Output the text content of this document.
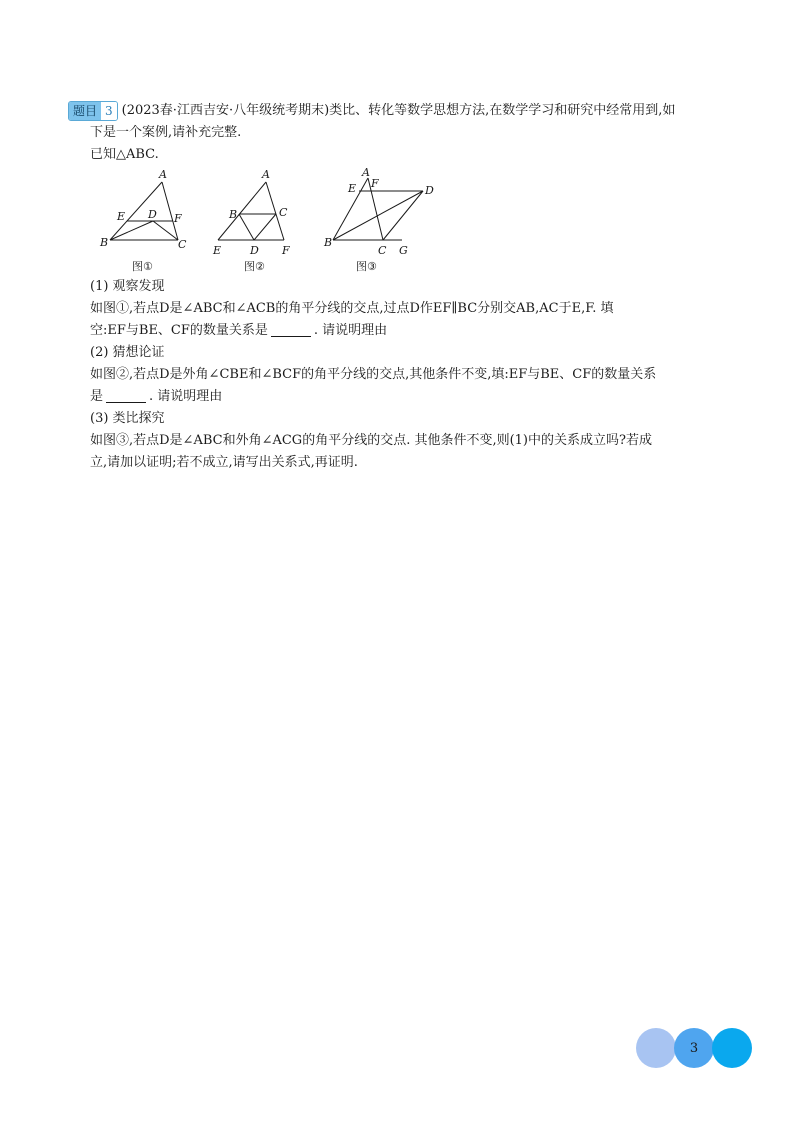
题目 3 (2023春·江西吉安·八年级统考期末)类比、转化等数学思想方法,在数学学习和研究中经常用到,如
下是一个案例,请补充完整.
已知△ABC.
(1) 观察发现
如图①,若点D是∠ABC和∠ACB的角平分线的交点,过点D作EF∥BC分别交AB,AC于E,F. 填
空:EF与BE、CF的数量关系是	. 请说明理由
(2) 猜想论证
如图②,若点D是外角∠CBE和∠BCF的角平分线的交点,其他条件不变,填:EF与BE、CF的数量关系
是	. 请说明理由
(3) 类比探究
如图③,若点D是∠ABC和外角∠ACG的角平分线的交点. 其他条件不变,则(1)中的关系成立吗?若成
立,请加以证明;若不成立,请写出关系式,再证明.
A
B	C
D
E	F
图①
A
B	C
D
E	F
图②
A
B
C
D
E F
G
图③
3
